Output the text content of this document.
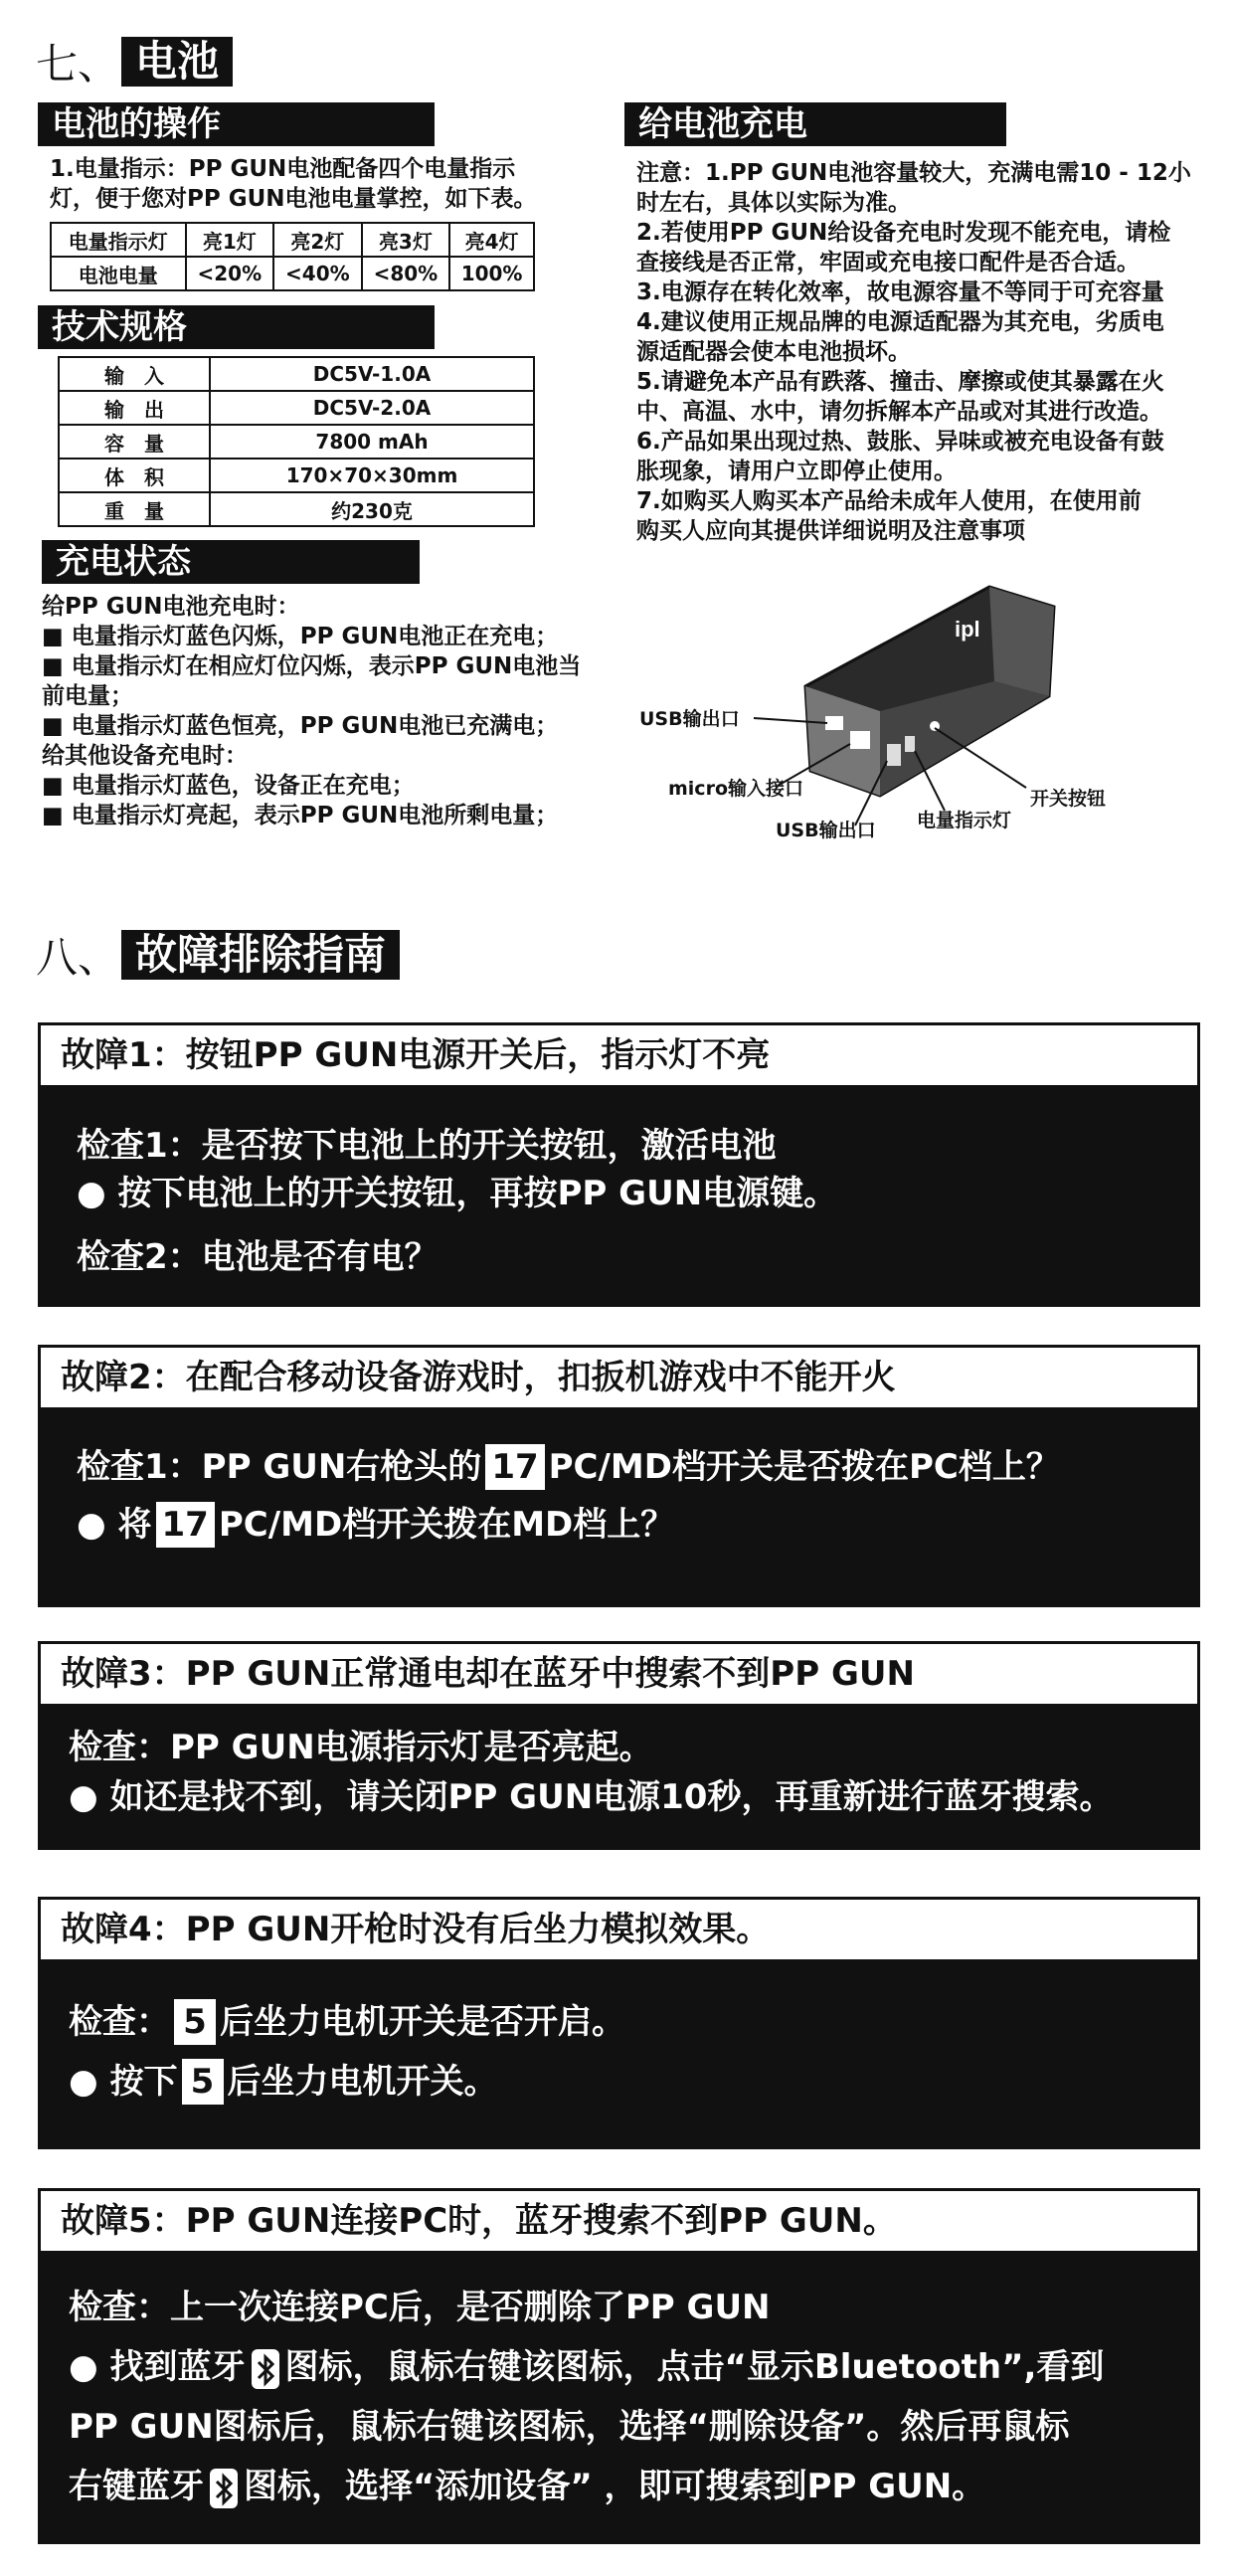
七、 电池
电池的操作
1.电量指示：PP GUN电池配备四个电量指示
灯，便于您对PP GUN电池电量掌控，如下表。
电量指示灯	亮1灯	亮2灯	亮3灯	亮4灯
电池电量	<20%	<40%	<80%	100%
技术规格
输　入	DC5V-1.0A
输　出	DC5V-2.0A
容　量	7800 mAh
体　积	170×70×30mm
重　量	约230克
充电状态
给PP GUN电池充电时：
■ 电量指示灯蓝色闪烁，PP GUN电池正在充电；
■ 电量指示灯在相应灯位闪烁，表示PP GUN电池当
前电量；
■ 电量指示灯蓝色恒亮，PP GUN电池已充满电；
给其他设备充电时：
■ 电量指示灯蓝色，设备正在充电；
■ 电量指示灯亮起，表示PP GUN电池所剩电量；
给电池充电
注意：1.PP GUN电池容量较大，充满电需10 - 12小
时左右，具体以实际为准。
2.若使用PP GUN给设备充电时发现不能充电，请检
查接线是否正常，牢固或充电接口配件是否合适。
3.电源存在转化效率，故电源容量不等同于可充容量
4.建议使用正规品牌的电源适配器为其充电，劣质电
源适配器会使本电池损坏。
5.请避免本产品有跌落、撞击、摩擦或使其暴露在火
中、高温、水中，请勿拆解本产品或对其进行改造。
6.产品如果出现过热、鼓胀、异味或被充电设备有鼓
胀现象，请用户立即停止使用。
7.如购买人购买本产品给未成年人使用，在使用前
购买人应向其提供详细说明及注意事项
ipl
USB输出口
micro输入接口
USB输出口 电量指示灯
开关按钮
八、 故障排除指南
故障1：按钮PP GUN电源开关后，指示灯不亮
检查1：是否按下电池上的开关按钮，激活电池
● 按下电池上的开关按钮，再按PP GUN电源键。
检查2：电池是否有电？
故障2：在配合移动设备游戏时，扣扳机游戏中不能开火
检查1：PP GUN右枪头的 17 PC/MD档开关是否拨在PC档上？
● 将 17 PC/MD档开关拨在MD档上？
故障3：PP GUN正常通电却在蓝牙中搜索不到PP GUN
检查：PP GUN电源指示灯是否亮起。
● 如还是找不到，请关闭PP GUN电源10秒，再重新进行蓝牙搜索。
故障4：PP GUN开枪时没有后坐力模拟效果。
检查： 5 后坐力电机开关是否开启。
● 按下 5 后坐力电机开关。
故障5：PP GUN连接PC时，蓝牙搜索不到PP GUN。
检查：上一次连接PC后，是否删除了PP GUN
● 找到蓝牙 图标，鼠标右键该图标，点击“显示Bluetooth”,看到
PP GUN图标后，鼠标右键该图标，选择“删除设备”。然后再鼠标
右键蓝牙 图标，选择“添加设备” ，即可搜索到PP GUN。
